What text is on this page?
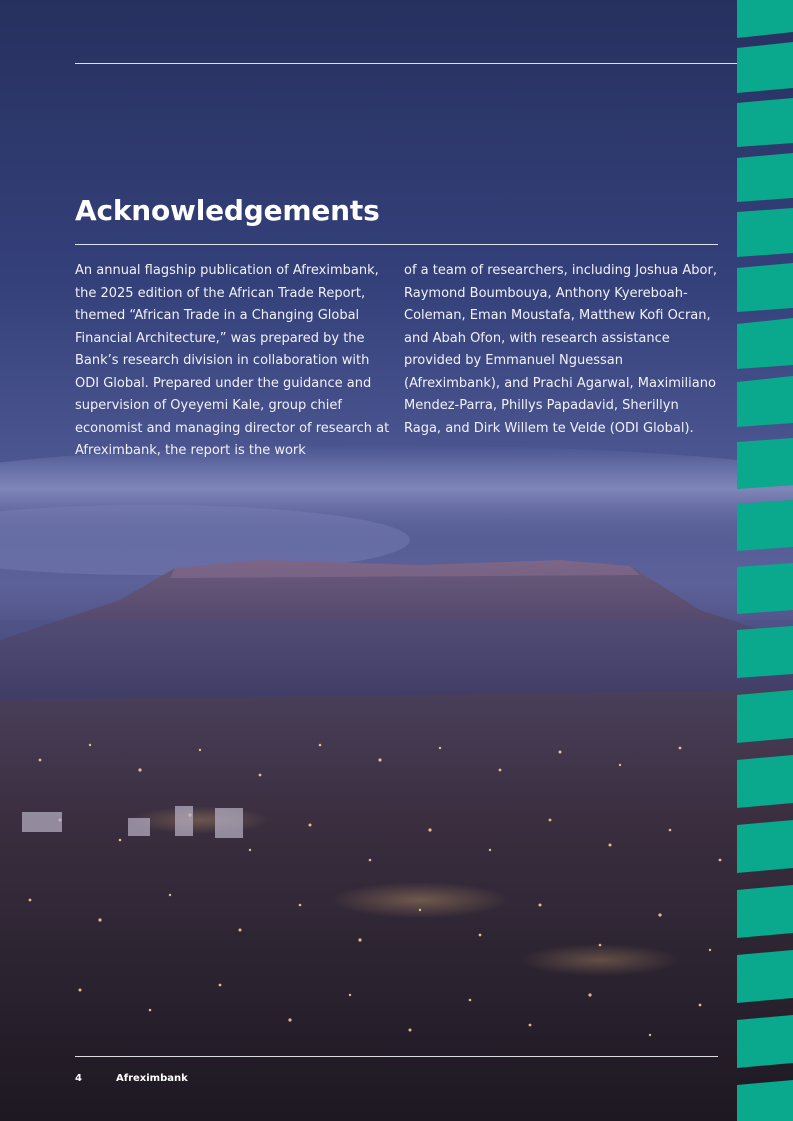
Acknowledgements

An annual flagship publication of Afreximbank, the 2025 edition of the African Trade Report, themed “African Trade in a Changing Global Financial Architecture,” was prepared by the Bank’s research division in collaboration with ODI Global. Prepared under the guidance and supervision of Oyeyemi Kale, group chief economist and managing director of research at Afreximbank, the report is the work

of a team of researchers, including Joshua Abor, Raymond Boumbouya, Anthony Kyereboah-Coleman, Eman Moustafa, Matthew Kofi Ocran, and Abah Ofon, with research assistance provided by Emmanuel Nguessan (Afreximbank), and Prachi Agarwal, Maximiliano Mendez-Parra, Phillys Papadavid, Sherillyn Raga, and Dirk Willem te Velde (ODI Global).

4	Afreximbank
